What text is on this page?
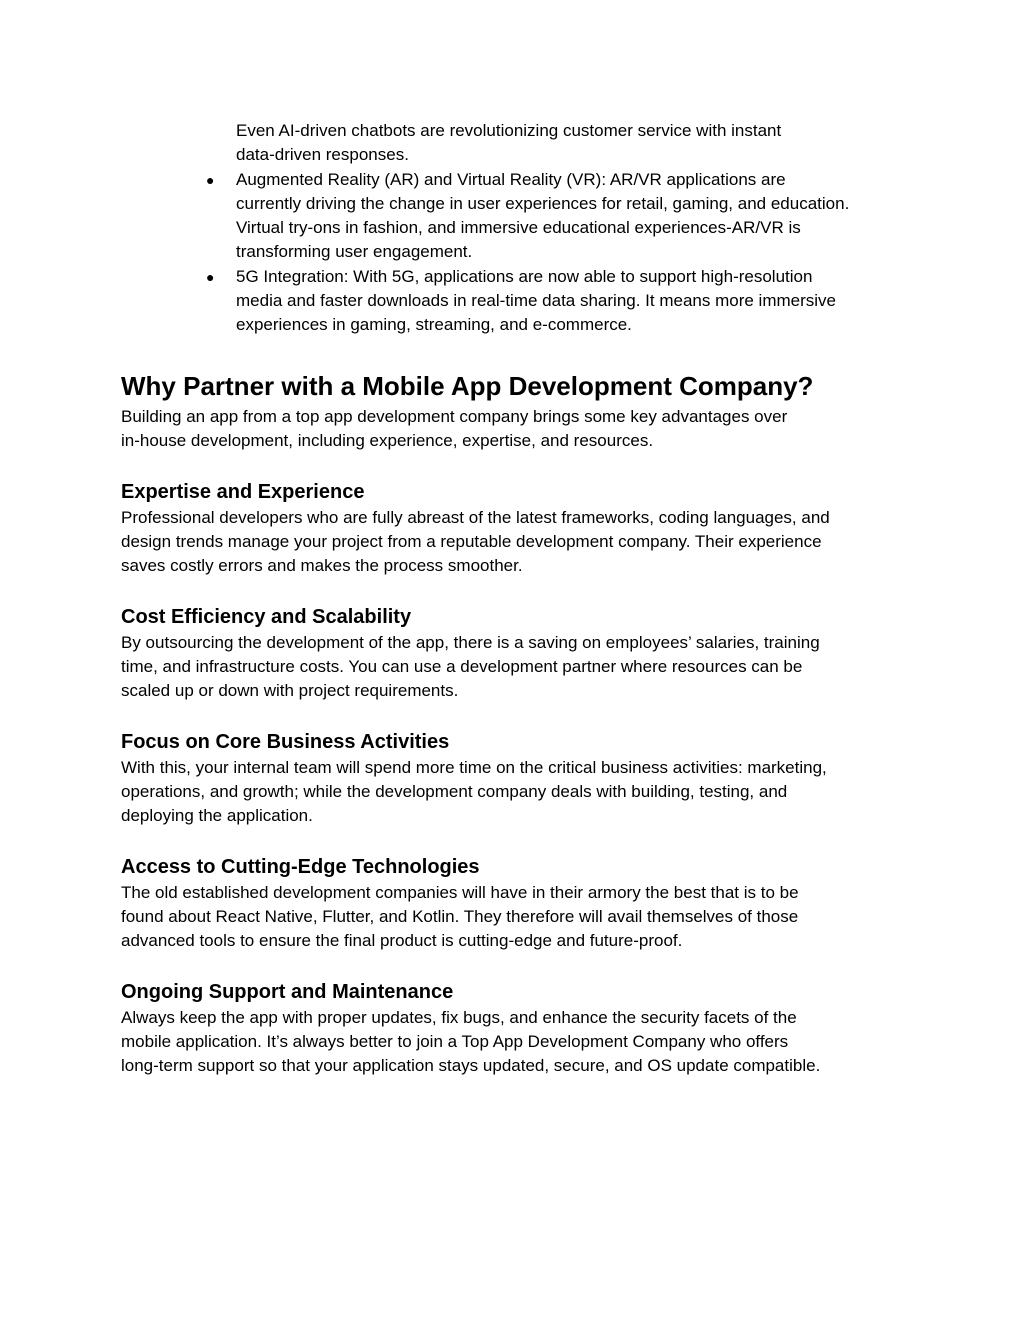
Even AI-driven chatbots are revolutionizing customer service with instant
data-driven responses.
● Augmented Reality (AR) and Virtual Reality (VR): AR/VR applications are
currently driving the change in user experiences for retail, gaming, and education.
Virtual try-ons in fashion, and immersive educational experiences-AR/VR is
transforming user engagement.
● 5G Integration: With 5G, applications are now able to support high-resolution
media and faster downloads in real-time data sharing. It means more immersive
experiences in gaming, streaming, and e-commerce.
Why Partner with a Mobile App Development Company?
Building an app from a top app development company brings some key advantages over
in-house development, including experience, expertise, and resources.
Expertise and Experience
Professional developers who are fully abreast of the latest frameworks, coding languages, and
design trends manage your project from a reputable development company. Their experience
saves costly errors and makes the process smoother.
Cost Efficiency and Scalability
By outsourcing the development of the app, there is a saving on employees’ salaries, training
time, and infrastructure costs. You can use a development partner where resources can be
scaled up or down with project requirements.
Focus on Core Business Activities
With this, your internal team will spend more time on the critical business activities: marketing,
operations, and growth; while the development company deals with building, testing, and
deploying the application.
Access to Cutting-Edge Technologies
The old established development companies will have in their armory the best that is to be
found about React Native, Flutter, and Kotlin. They therefore will avail themselves of those
advanced tools to ensure the final product is cutting-edge and future-proof.
Ongoing Support and Maintenance
Always keep the app with proper updates, fix bugs, and enhance the security facets of the
mobile application. It’s always better to join a Top App Development Company who offers
long-term support so that your application stays updated, secure, and OS update compatible.
